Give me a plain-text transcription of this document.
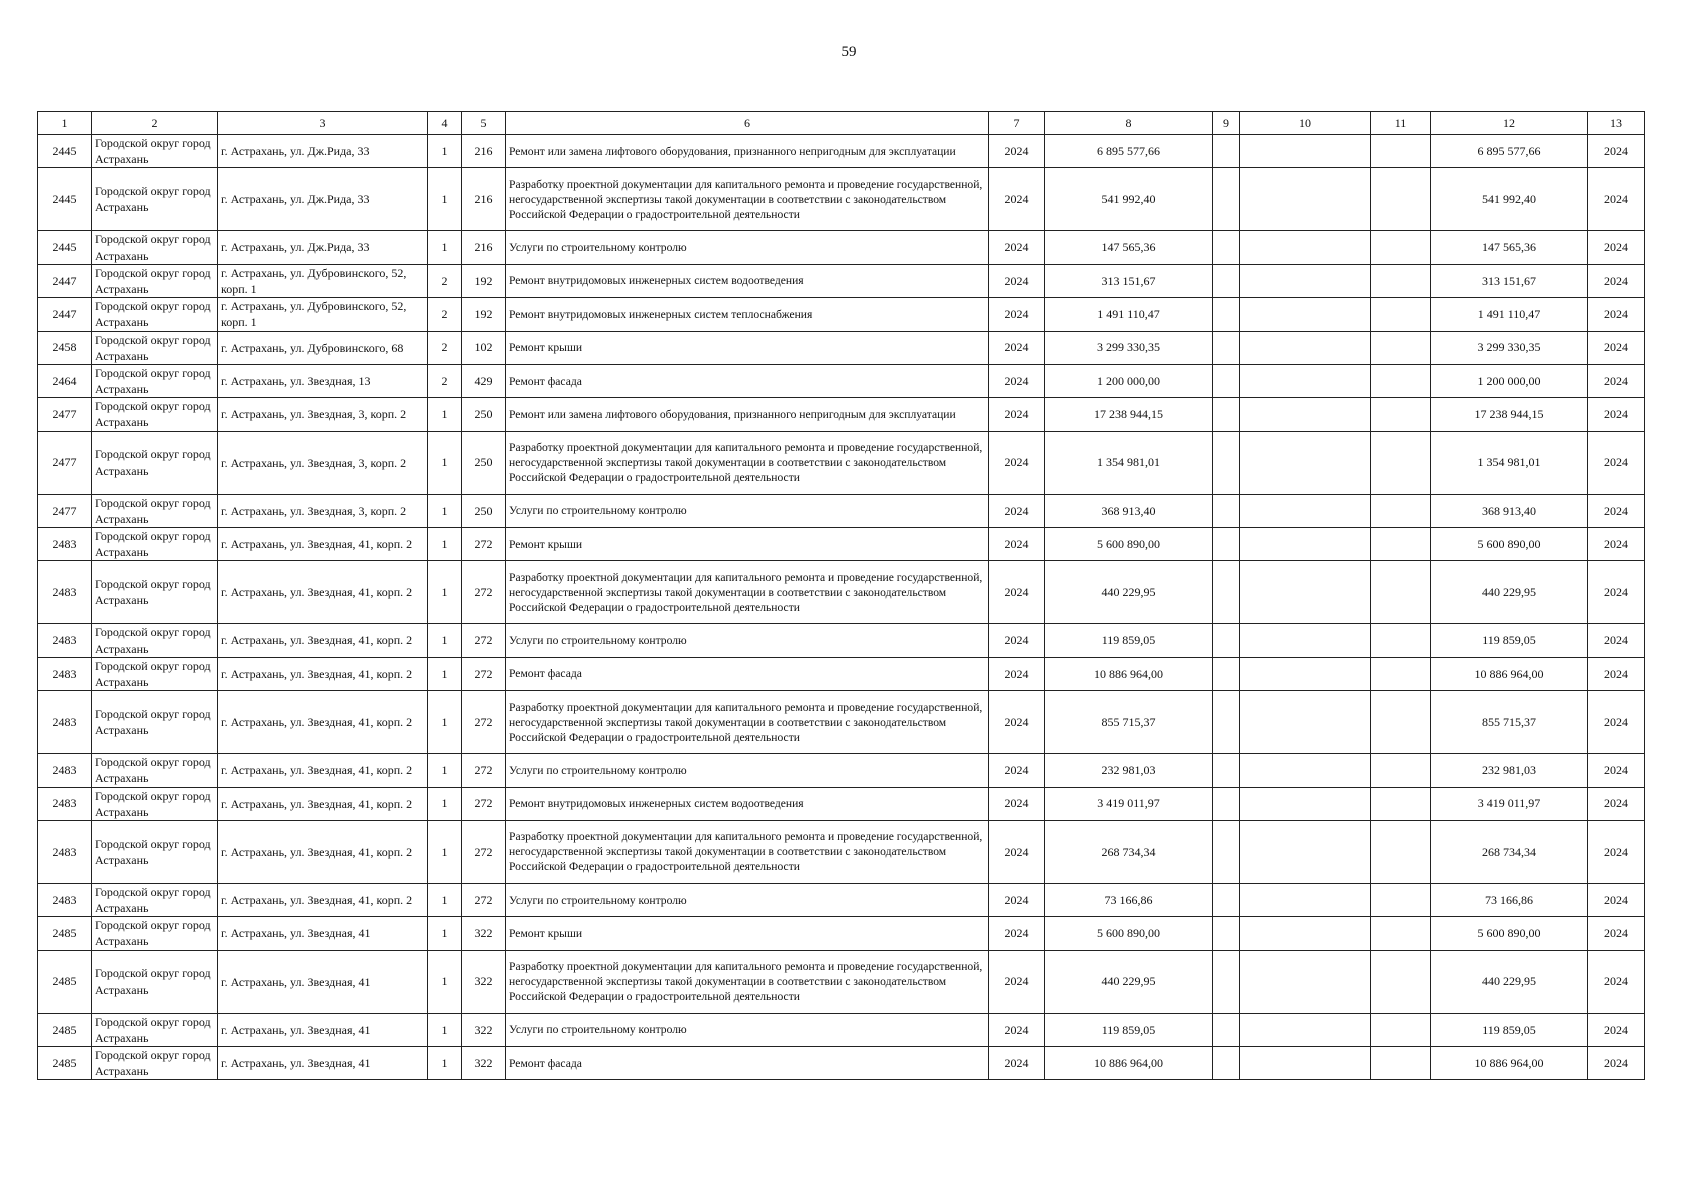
59
1	2	3	4	5	6	7	8	9	10	11	12	13
2445	Городской округ город Астрахань	г. Астрахань, ул. Дж.Рида, 33	1	216	Ремонт или замена лифтового оборудования, признанного непригодным для эксплуатации	2024	6 895 577,66				6 895 577,66	2024
2445	Городской округ город Астрахань	г. Астрахань, ул. Дж.Рида, 33	1	216	Разработку проектной документации для капитального ремонта и проведение государственной, негосударственной экспертизы такой документации в соответствии с законодательством Российской Федерации о градостроительной деятельности	2024	541 992,40				541 992,40	2024
2445	Городской округ город Астрахань	г. Астрахань, ул. Дж.Рида, 33	1	216	Услуги по строительному контролю	2024	147 565,36				147 565,36	2024
2447	Городской округ город Астрахань	г. Астрахань, ул. Дубровинского, 52, корп. 1	2	192	Ремонт внутридомовых инженерных систем водоотведения	2024	313 151,67				313 151,67	2024
2447	Городской округ город Астрахань	г. Астрахань, ул. Дубровинского, 52, корп. 1	2	192	Ремонт внутридомовых инженерных систем теплоснабжения	2024	1 491 110,47				1 491 110,47	2024
2458	Городской округ город Астрахань	г. Астрахань, ул. Дубровинского, 68	2	102	Ремонт крыши	2024	3 299 330,35				3 299 330,35	2024
2464	Городской округ город Астрахань	г. Астрахань, ул. Звездная, 13	2	429	Ремонт фасада	2024	1 200 000,00				1 200 000,00	2024
2477	Городской округ город Астрахань	г. Астрахань, ул. Звездная, 3, корп. 2	1	250	Ремонт или замена лифтового оборудования, признанного непригодным для эксплуатации	2024	17 238 944,15				17 238 944,15	2024
2477	Городской округ город Астрахань	г. Астрахань, ул. Звездная, 3, корп. 2	1	250	Разработку проектной документации для капитального ремонта и проведение государственной, негосударственной экспертизы такой документации в соответствии с законодательством Российской Федерации о градостроительной деятельности	2024	1 354 981,01				1 354 981,01	2024
2477	Городской округ город Астрахань	г. Астрахань, ул. Звездная, 3, корп. 2	1	250	Услуги по строительному контролю	2024	368 913,40				368 913,40	2024
2483	Городской округ город Астрахань	г. Астрахань, ул. Звездная, 41, корп. 2	1	272	Ремонт крыши	2024	5 600 890,00				5 600 890,00	2024
2483	Городской округ город Астрахань	г. Астрахань, ул. Звездная, 41, корп. 2	1	272	Разработку проектной документации для капитального ремонта и проведение государственной, негосударственной экспертизы такой документации в соответствии с законодательством Российской Федерации о градостроительной деятельности	2024	440 229,95				440 229,95	2024
2483	Городской округ город Астрахань	г. Астрахань, ул. Звездная, 41, корп. 2	1	272	Услуги по строительному контролю	2024	119 859,05				119 859,05	2024
2483	Городской округ город Астрахань	г. Астрахань, ул. Звездная, 41, корп. 2	1	272	Ремонт фасада	2024	10 886 964,00				10 886 964,00	2024
2483	Городской округ город Астрахань	г. Астрахань, ул. Звездная, 41, корп. 2	1	272	Разработку проектной документации для капитального ремонта и проведение государственной, негосударственной экспертизы такой документации в соответствии с законодательством Российской Федерации о градостроительной деятельности	2024	855 715,37				855 715,37	2024
2483	Городской округ город Астрахань	г. Астрахань, ул. Звездная, 41, корп. 2	1	272	Услуги по строительному контролю	2024	232 981,03				232 981,03	2024
2483	Городской округ город Астрахань	г. Астрахань, ул. Звездная, 41, корп. 2	1	272	Ремонт внутридомовых инженерных систем водоотведения	2024	3 419 011,97				3 419 011,97	2024
2483	Городской округ город Астрахань	г. Астрахань, ул. Звездная, 41, корп. 2	1	272	Разработку проектной документации для капитального ремонта и проведение государственной, негосударственной экспертизы такой документации в соответствии с законодательством Российской Федерации о градостроительной деятельности	2024	268 734,34				268 734,34	2024
2483	Городской округ город Астрахань	г. Астрахань, ул. Звездная, 41, корп. 2	1	272	Услуги по строительному контролю	2024	73 166,86				73 166,86	2024
2485	Городской округ город Астрахань	г. Астрахань, ул. Звездная, 41	1	322	Ремонт крыши	2024	5 600 890,00				5 600 890,00	2024
2485	Городской округ город Астрахань	г. Астрахань, ул. Звездная, 41	1	322	Разработку проектной документации для капитального ремонта и проведение государственной, негосударственной экспертизы такой документации в соответствии с законодательством Российской Федерации о градостроительной деятельности	2024	440 229,95				440 229,95	2024
2485	Городской округ город Астрахань	г. Астрахань, ул. Звездная, 41	1	322	Услуги по строительному контролю	2024	119 859,05				119 859,05	2024
2485	Городской округ город Астрахань	г. Астрахань, ул. Звездная, 41	1	322	Ремонт фасада	2024	10 886 964,00				10 886 964,00	2024
